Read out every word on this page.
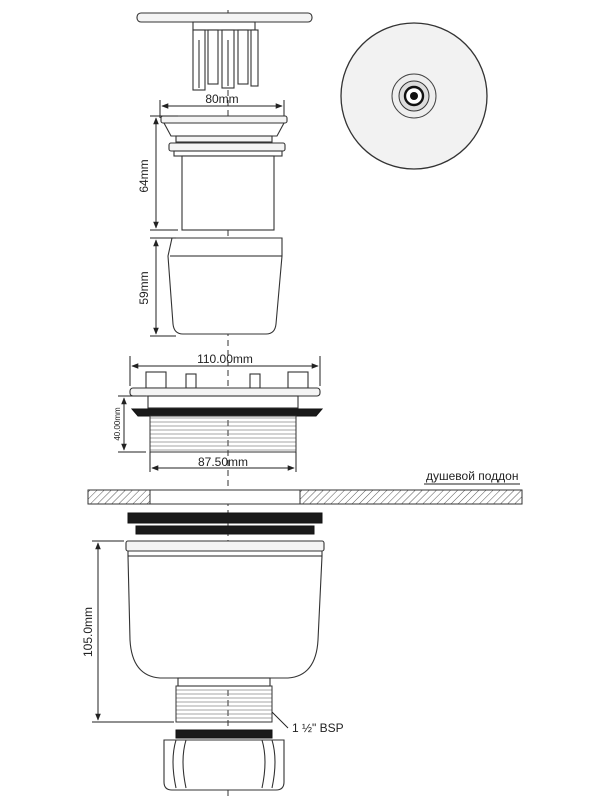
80mm
64mm
59mm
110.00mm
40.00mm
87.50mm
душевой поддон
105.0mm
1 ½" BSP
